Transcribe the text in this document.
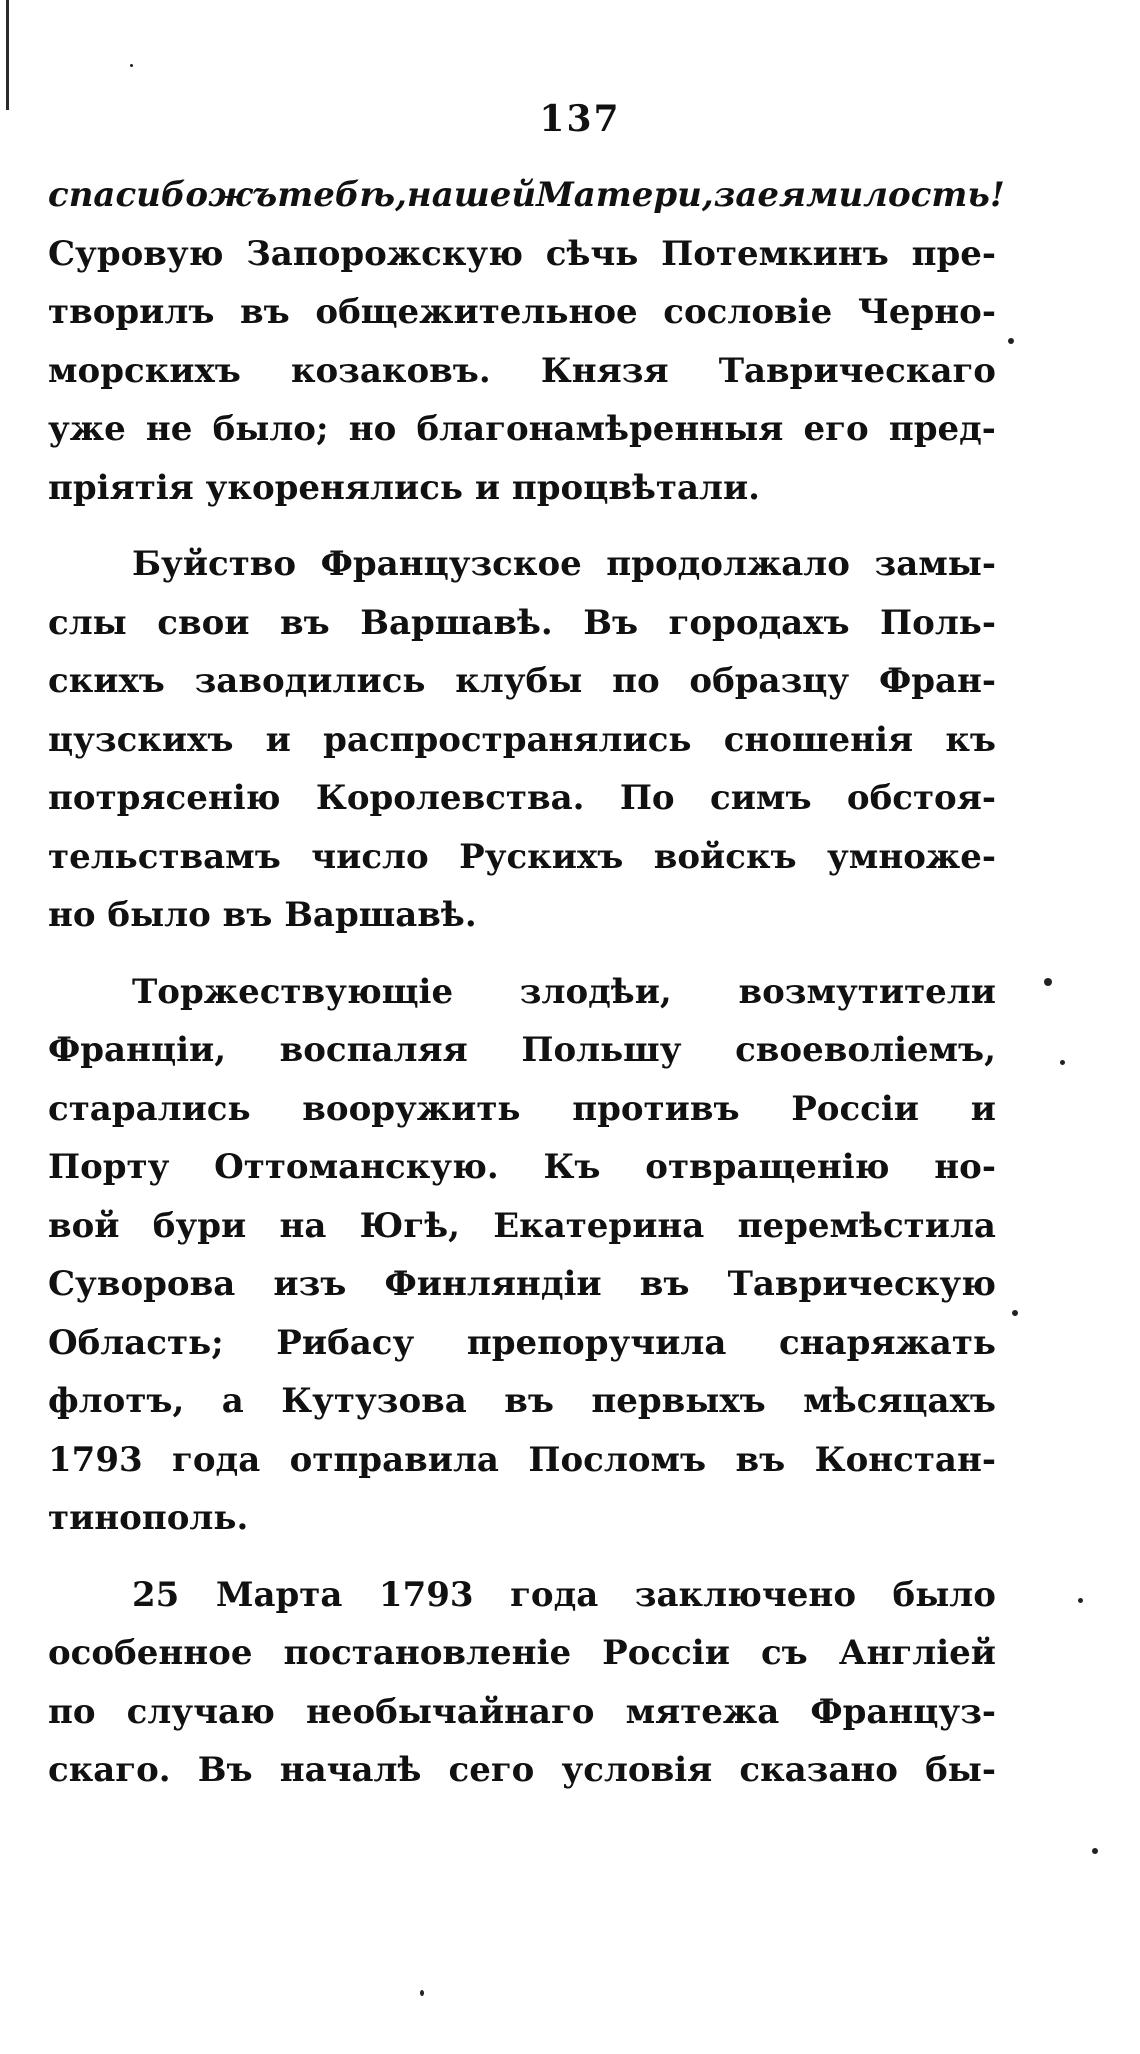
137
спасибожъ тебѣ, нашей Матери, за ея милость!
Суровую Запорожскую сѣчь Потемкинъ пре-
творилъ въ общежительное сословіе Черно-
морскихъ козаковъ. Князя Таврическаго
уже не было; но благонамѣренныя его пред-
пріятія укоренялись и процвѣтали.
Буйство Французское продолжало замы-
слы свои въ Варшавѣ. Въ городахъ Поль-
скихъ заводились клубы по образцу Фран-
цузскихъ и распространялись сношенія къ
потрясенію Королевства. По симъ обстоя-
тельствамъ число Рускихъ войскъ умноже-
но было въ Варшавѣ.
Торжествующіе злодѣи, возмутители
Франціи, воспаляя Польшу своеволіемъ,
старались вооружить противъ Россіи и
Порту Оттоманскую. Къ отвращенію но-
вой бури на Югѣ, Екатерина перемѣстила
Суворова изъ Финляндіи въ Таврическую
Область; Рибасу препоручила снаряжать
флотъ, а Кутузова въ первыхъ мѣсяцахъ
1793 года отправила Посломъ въ Констан-
тинополь.
25 Марта 1793 года заключено было
особенное постановленіе Россіи съ Англіей
по случаю необычайнаго мятежа Француз-
скаго. Въ началѣ сего условія сказано бы-
